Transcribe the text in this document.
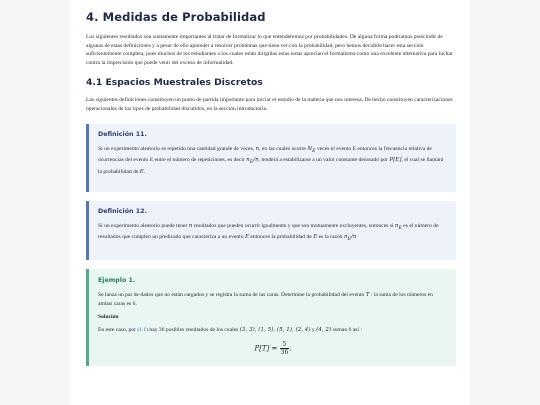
4. Medidas de Probabilidad

Los siguientes resultados son sumamente importantes al tratar de formalizar lo que entenderemos por probabilidades. De alguna forma podríamos prescindir de algunas de estas definiciones y a pesar de ello aprender a resolver problemas que tiene ver con la probabilidad, pero hemos decidido hacer esta sección suficientemente completa, pues muchos de los estudiantes a los cuales están dirigidas estas notas aprecian el formalismo como una excelente alternativa para luchar contra la imprecisión que puede venir del exceso de informalidad.

4.1 Espacios Muestrales Discretos

Las siguientes definiciones constituyen un punto de partida importante para iniciar el estudio de la materia que nos interesa. De hecho constituyen caracterizaciones operacionales de los tipos de probabilidad discutidos, en la sección introductoria.

Definición 11.

Si un experimento aleatorio es repetido una cantidad grande de veces, n, en las cuales ocurre $N_E$ veces el evento E entonces la frecuencia relativa de ocurrencias del evento E entre el número de repeticiones, es decir $n_E/n$, tenderá a estabilizarse a un valor constante denotado por P[E], el cual se llamará la probabilidad de E.

Definición 12.

Si un experimento aleatorio puede tener n resultados que pueden ocurrir igualmente y que son mutuamente excluyentes, entonces si $n_E$ es el número de resultados que cumplen un predicado que caracteriza a un evento E entonces la probabilidad de E es la razón $n_E/n$

Ejemplo 1.

Se lanza un par de dados que no están cargados y se registra la suma de las caras. Determine la probabilidad del evento T : la suma de los números en ambas caras es 6.

Solución

En este caso, por (1.1) hay 36 posibles resultados de los cuales (3, 3), (1, 5), (5, 1), (2, 4) y (4, 2) suman 6 así :

$P[T] = \frac{5}{36}$ .
